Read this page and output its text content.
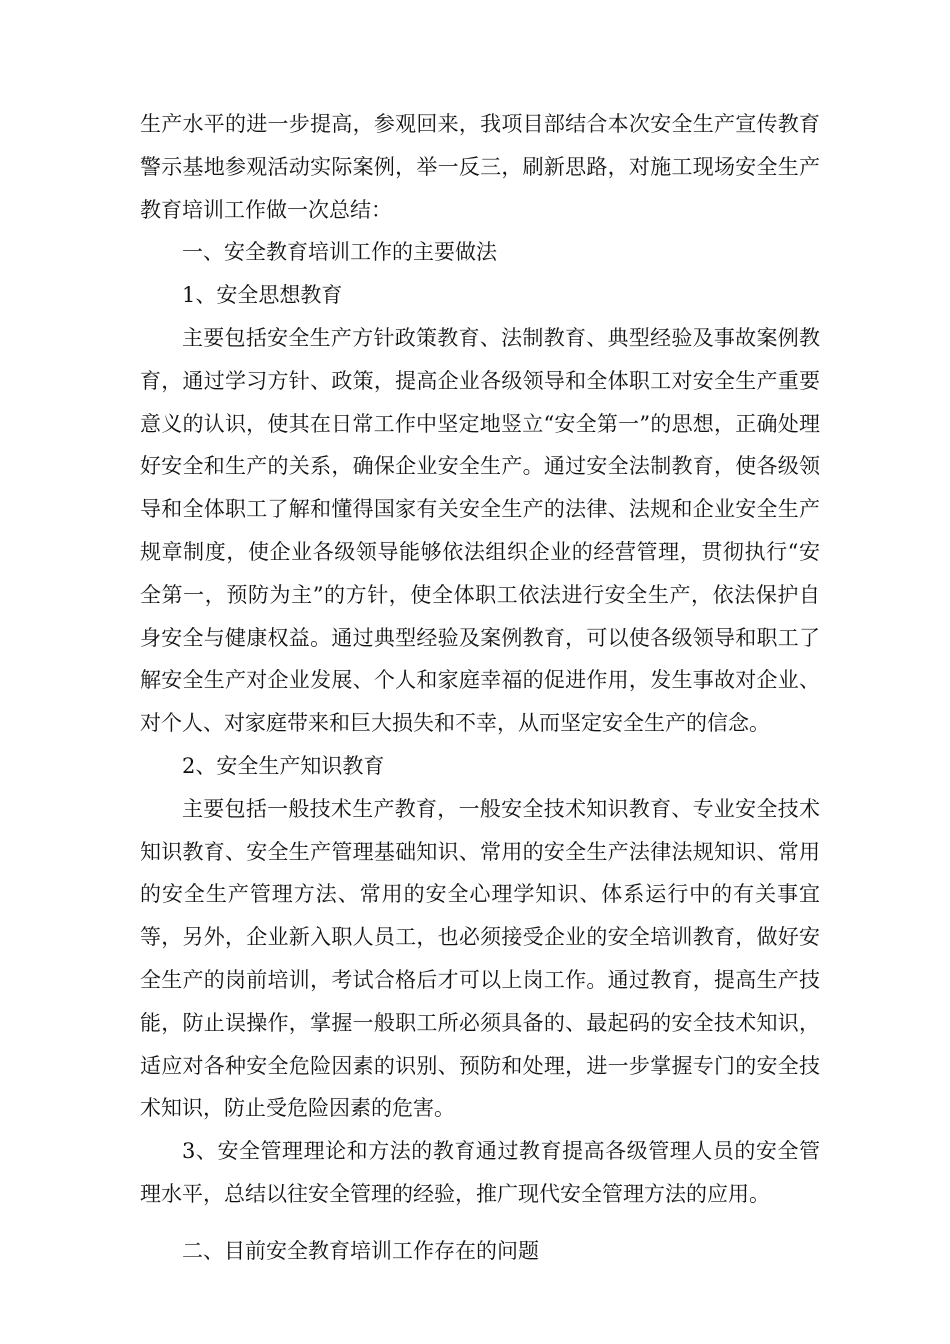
生产水平的进一步提高，参观回来，我项目部结合本次安全生产宣传教育警示基地参观活动实际案例，举一反三，刷新思路，对施工现场安全生产教育培训工作做一次总结：

一、安全教育培训工作的主要做法

1、安全思想教育

主要包括安全生产方针政策教育、法制教育、典型经验及事故案例教育，通过学习方针、政策，提高企业各级领导和全体职工对安全生产重要意义的认识，使其在日常工作中坚定地竖立“安全第一”的思想，正确处理好安全和生产的关系，确保企业安全生产。通过安全法制教育，使各级领导和全体职工了解和懂得国家有关安全生产的法律、法规和企业安全生产规章制度，使企业各级领导能够依法组织企业的经营管理，贯彻执行“安全第一，预防为主”的方针，使全体职工依法进行安全生产，依法保护自身安全与健康权益。通过典型经验及案例教育，可以使各级领导和职工了解安全生产对企业发展、个人和家庭幸福的促进作用，发生事故对企业、对个人、对家庭带来和巨大损失和不幸，从而坚定安全生产的信念。

2、安全生产知识教育

主要包括一般技术生产教育，一般安全技术知识教育、专业安全技术知识教育、安全生产管理基础知识、常用的安全生产法律法规知识、常用的安全生产管理方法、常用的安全心理学知识、体系运行中的有关事宜等，另外，企业新入职人员工，也必须接受企业的安全培训教育，做好安全生产的岗前培训，考试合格后才可以上岗工作。通过教育，提高生产技能，防止误操作，掌握一般职工所必须具备的、最起码的安全技术知识，适应对各种安全危险因素的识别、预防和处理，进一步掌握专门的安全技术知识，防止受危险因素的危害。

3、安全管理理论和方法的教育通过教育提高各级管理人员的安全管理水平，总结以往安全管理的经验，推广现代安全管理方法的应用。

二、目前安全教育培训工作存在的问题
